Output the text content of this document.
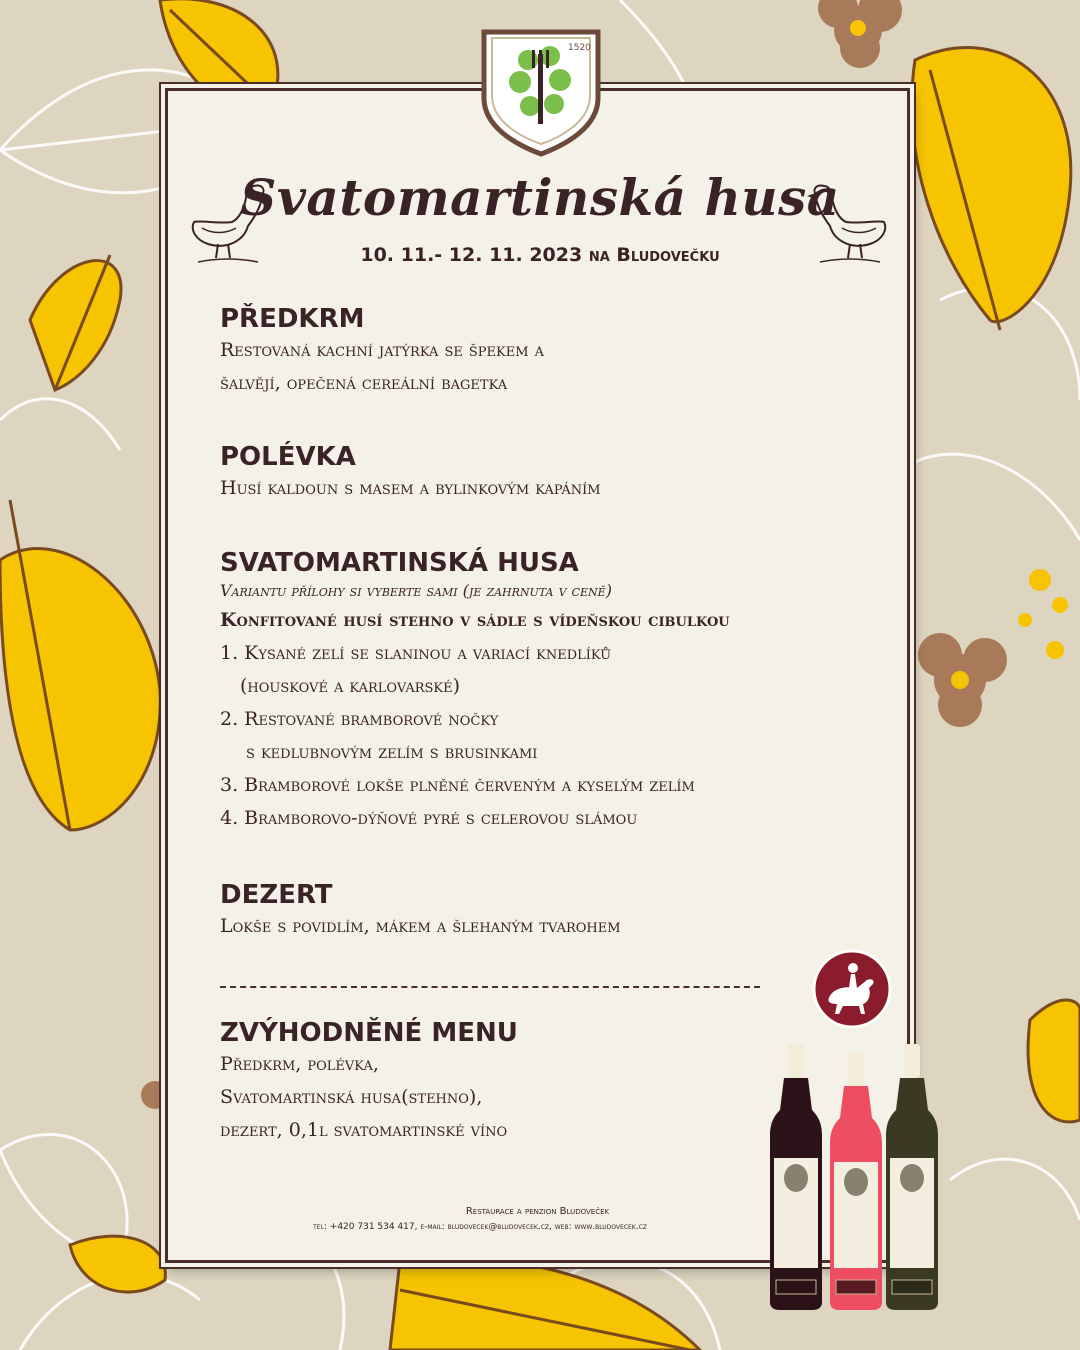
1520
Svatomartinská husa
10. 11.- 12. 11. 2023 na Bludovečku
PŘEDKRM
Restovaná kachní jatýrka se špekem a
šalvějí, opečená cereální bagetka
POLÉVKA
Husí kaldoun s masem a bylinkovým kapáním
SVATOMARTINSKÁ HUSA
Variantu přílohy si vyberte sami (je zahrnuta v ceně)
Konfitované husí stehno v sádle s vídeňskou cibulkou
1. Kysané zelí se slaninou a variací knedlíků
(houskové a karlovarské)
2. Restované bramborové nočky
s kedlubnovým zelím s brusinkami
3. Bramborové lokše plněné červeným a kyselým zelím
4. Bramborovo-dýňové pyré s celerovou slámou
DEZERT
Lokše s povidlím, mákem a šlehaným tvarohem
ZVÝHODNĚNÉ MENU
Předkrm, polévka,
Svatomartinská husa(stehno),
dezert, 0,1l svatomartinské víno
Restaurace a penzion Bludoveček
tel: +420 731 534 417, e-mail: bludovecek@bludovecek.cz, web: www.bludovecek.cz
